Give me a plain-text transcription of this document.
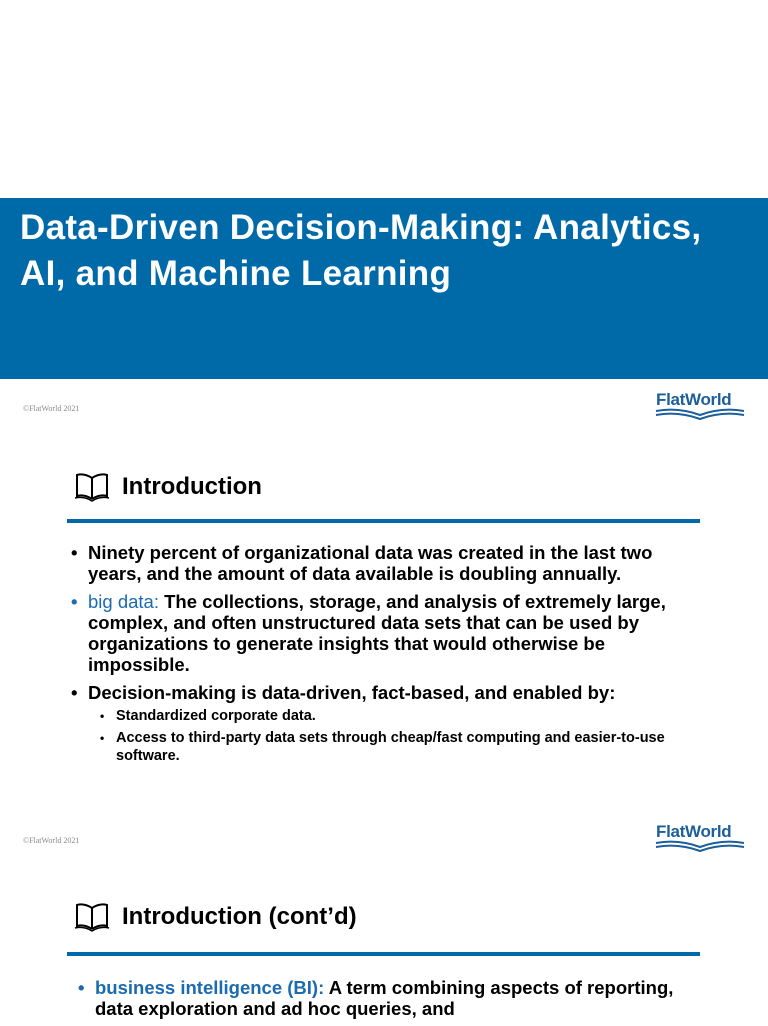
Data-Driven Decision-Making: Analytics, AI, and Machine Learning
©FlatWorld 2021	FlatWorld
Introduction
• Ninety percent of organizational data was created in the last two years, and the amount of data available is doubling annually.
• big data: The collections, storage, and analysis of extremely large, complex, and often unstructured data sets that can be used by organizations to generate insights that would otherwise be impossible.
• Decision-making is data-driven, fact-based, and enabled by:
• Standardized corporate data.
• Access to third-party data sets through cheap/fast computing and easier-to-use software.
©FlatWorld 2021	FlatWorld
Introduction (cont’d)
• business intelligence (BI): A term combining aspects of reporting, data exploration and ad hoc queries, and
